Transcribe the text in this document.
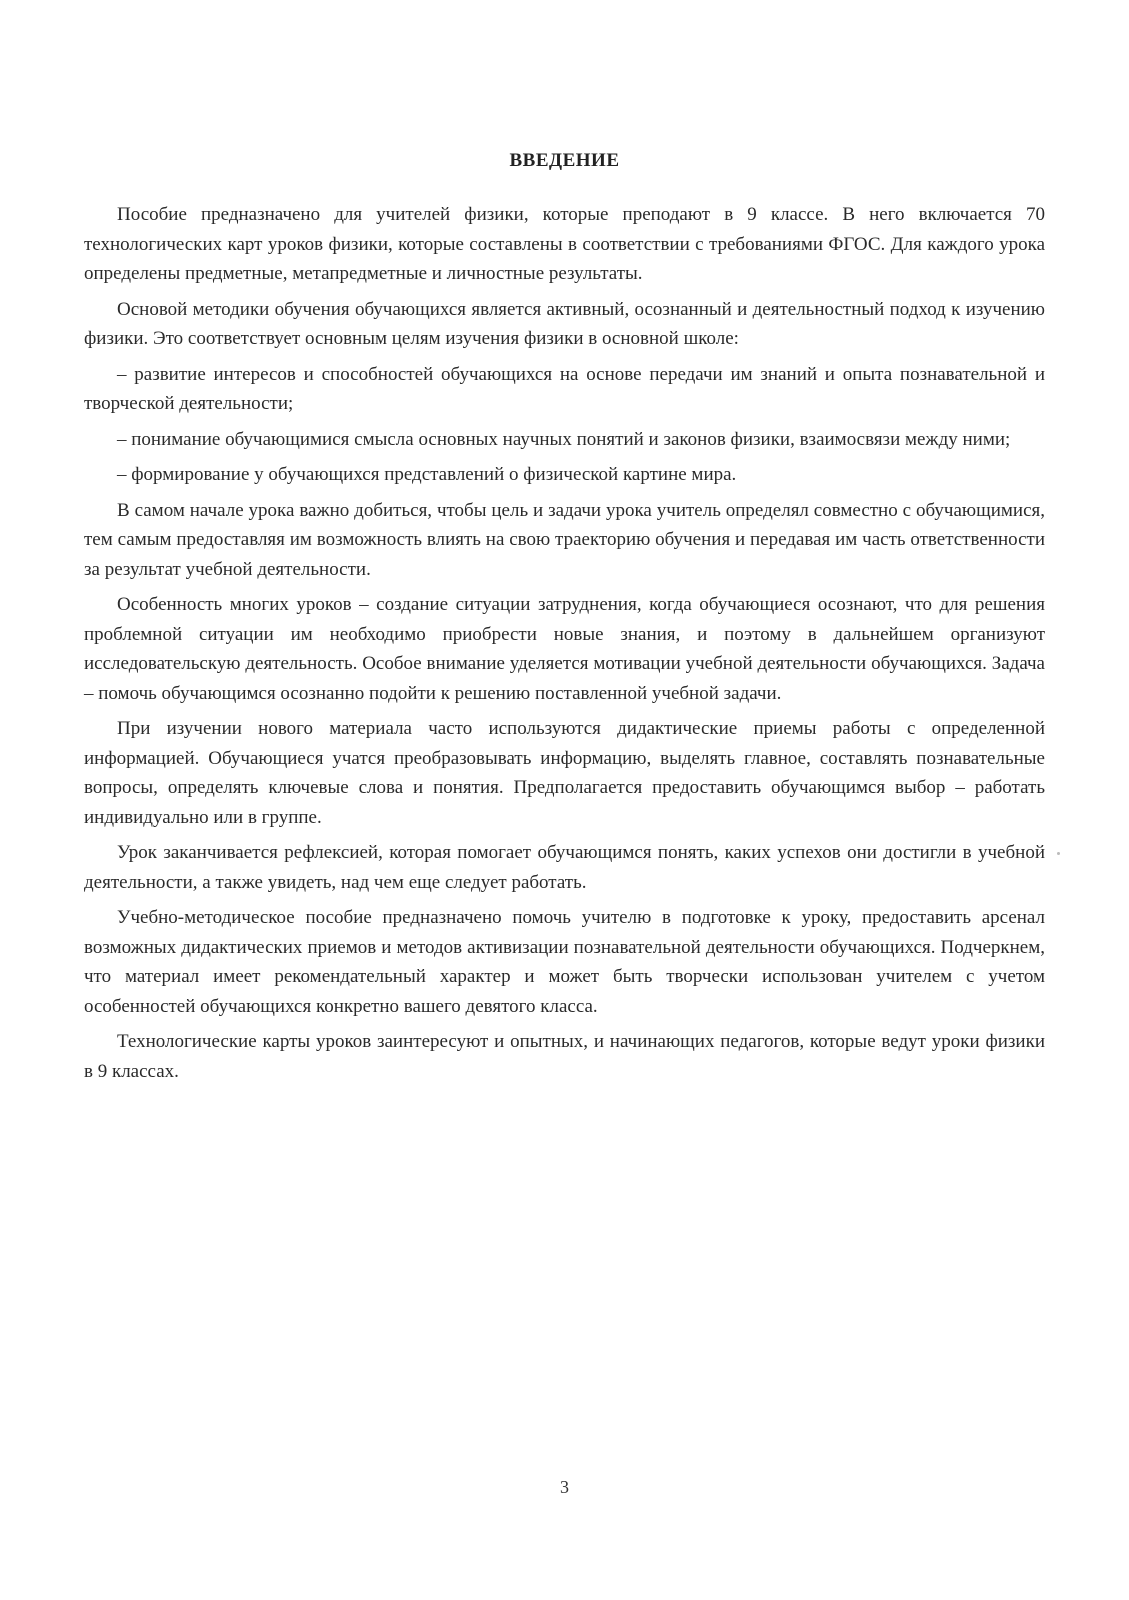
ВВЕДЕНИЕ

Пособие предназначено для учителей физики, которые преподают в 9 классе. В него включается 70 технологических карт уроков физики, которые составлены в соответствии с требованиями ФГОС. Для каждого урока определены предметные, метапредметные и личностные результаты.

Основой методики обучения обучающихся является активный, осознанный и деятельностный подход к изучению физики. Это соответствует основным целям изучения физики в основной школе:

– развитие интересов и способностей обучающихся на основе передачи им знаний и опыта познавательной и творческой деятельности;

– понимание обучающимися смысла основных научных понятий и законов физики, взаимосвязи между ними;

– формирование у обучающихся представлений о физической картине мира.

В самом начале урока важно добиться, чтобы цель и задачи урока учитель определял совместно с обучающимися, тем самым предоставляя им возможность влиять на свою траекторию обучения и передавая им часть ответственности за результат учебной деятельности.

Особенность многих уроков – создание ситуации затруднения, когда обучающиеся осознают, что для решения проблемной ситуации им необходимо приобрести новые знания, и поэтому в дальнейшем организуют исследовательскую деятельность. Особое внимание уделяется мотивации учебной деятельности обучающихся. Задача – помочь обучающимся осознанно подойти к решению поставленной учебной задачи.

При изучении нового материала часто используются дидактические приемы работы с определенной информацией. Обучающиеся учатся преобразовывать информацию, выделять главное, составлять познавательные вопросы, определять ключевые слова и понятия. Предполагается предоставить обучающимся выбор – работать индивидуально или в группе.

Урок заканчивается рефлексией, которая помогает обучающимся понять, каких успехов они достигли в учебной деятельности, а также увидеть, над чем еще следует работать.

Учебно-методическое пособие предназначено помочь учителю в подготовке к уроку, предоставить арсенал возможных дидактических приемов и методов активизации познавательной деятельности обучающихся. Подчеркнем, что материал имеет рекомендательный характер и может быть творчески использован учителем с учетом особенностей обучающихся конкретно вашего девятого класса.

Технологические карты уроков заинтересуют и опытных, и начинающих педагогов, которые ведут уроки физики в 9 классах.

3
